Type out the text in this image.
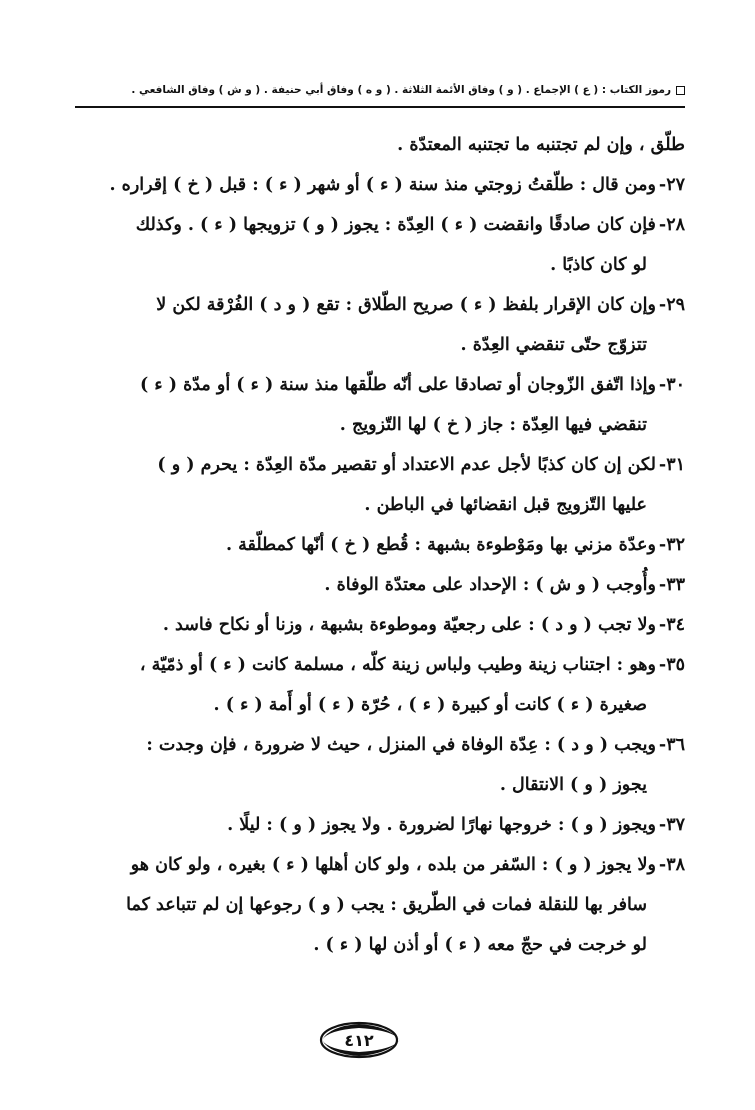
رموز الكتاب : ( ع ) الإجماع . ( و ) وفاق الأئمة الثلاثة . ( و ه ) وفاق أبي حنيفة . ( و ش ) وفاق الشافعي .
طلّق ، وإن لم تجتنبه ما تجتنبه المعتدّة .
٢٧-ومن قال : طلّقتُ زوجتي منذ سنة ( ء ) أو شهر ( ء ) : قبل ( خ ) إقراره .
٢٨-فإن كان صادقًا وانقضت ( ء ) العِدّة : يجوز ( و ) تزويجها ( ء ) . وكذلك
لو كان كاذبًا .
٢٩-وإن كان الإقرار بلفظ ( ء ) صريح الطّلاق : تقع ( و د ) الفُرْقة لكن لا
تتزوّج حتّى تنقضي العِدّة .
٣٠-وإذا اتّفق الزّوجان أو تصادقا على أنّه طلّقها منذ سنة ( ء ) أو مدّة ( ء )
تنقضي فيها العِدّة : جاز ( خ ) لها التّزويج .
٣١-لكن إن كان كذبًا لأجل عدم الاعتداد أو تقصير مدّة العِدّة : يحرم ( و )
عليها التّزويج قبل انقضائها في الباطن .
٣٢-وعدّة مزني بها ومَوْطوءة بشبهة : قُطع ( خ ) أنّها كمطلّقة .
٣٣-وأُوجب ( و ش ) : الإحداد على معتدّة الوفاة .
٣٤-ولا تجب ( و د ) : على رجعيّة وموطوءة بشبهة ، وزنا أو نكاح فاسد .
٣٥-وهو : اجتناب زينة وطيب ولباس زينة كلّه ، مسلمة كانت ( ء ) أو ذمّيّة ،
صغيرة ( ء ) كانت أو كبيرة ( ء ) ، حُرّة ( ء ) أو أَمة ( ء ) .
٣٦-ويجب ( و د ) : عِدّة الوفاة في المنزل ، حيث لا ضرورة ، فإن وجدت :
يجوز ( و ) الانتقال .
٣٧-ويجوز ( و ) : خروجها نهارًا لضرورة . ولا يجوز ( و ) : ليلًا .
٣٨-ولا يجوز ( و ) : السّفر من بلده ، ولو كان أهلها ( ء ) بغيره ، ولو كان هو
سافر بها للنقلة فمات في الطّريق : يجب ( و ) رجوعها إن لم تتباعد كما
لو خرجت في حجّ معه ( ء ) أو أذن لها ( ء ) .
٤١٢
